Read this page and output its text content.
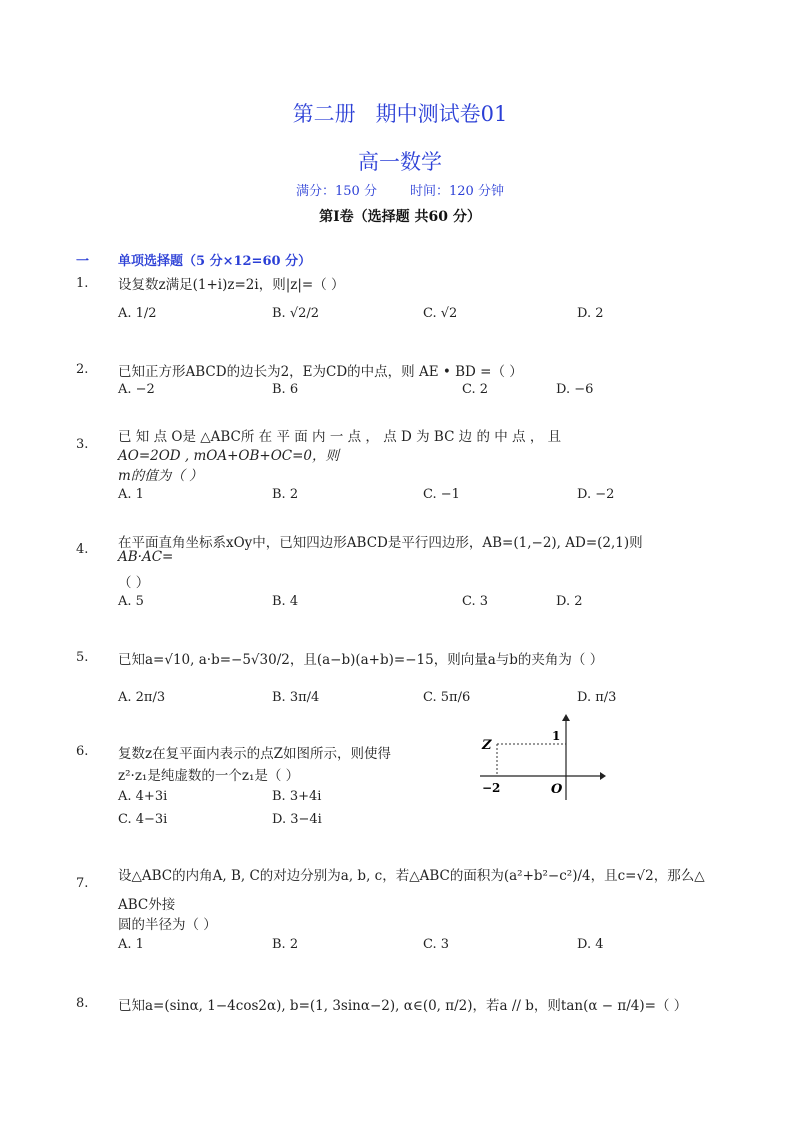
第二册   期中测试卷01
高一数学
满分：150 分        时间：120 分钟
第Ⅰ卷（选择题 共60 分）
一 单项选择题（5 分×12=60 分）
1. 设复数z满足(1+i)z=2i，则|z|=（ ）
A. 1/2	B. √2/2	C. √2	D. 2
2. 已知正方形ABCD的边长为2，E为CD的中点，则 AE • BD =（ ）
A. −2	B. 6	C. 2	D. −6
3. 已 知 点 O是 △ABC所 在 平 面 内 一 点 ， 点 D 为 BC 边 的 中 点 ， 且
AO=2OD , mOA+OB+OC=0，则
m的值为（ ）
A. 1	B. 2	C. −1	D. −2
4. 在平面直角坐标系xOy中，已知四边形ABCD是平行四边形，AB=(1,−2), AD=(2,1)则
AB·AC=
（ ）
A. 5	B. 4	C. 3	D. 2
5. 已知a=√10, a·b=−5√30/2，且(a−b)(a+b)=−15，则向量a与b的夹角为（ ）
A. 2π/3	B. 3π/4	C. 5π/6	D. π/3
6. 复数z在复平面内表示的点Z如图所示，则使得
z²·z₁是纯虚数的一个z₁是（ ）
A. 4+3i	B. 3+4i
C. 4−3i	D. 3−4i
Z
1
−2	O
7. 设△ABC的内角A, B, C的对边分别为a, b, c，若△ABC的面积为(a²+b²−c²)/4，且c=√2，那么△
ABC外接
圆的半径为（ ）
A. 1	B. 2	C. 3	D. 4
8. 已知a=(sinα, 1−4cos2α), b=(1, 3sinα−2), α∈(0, π/2)，若a // b，则tan(α − π/4)=（ ）
